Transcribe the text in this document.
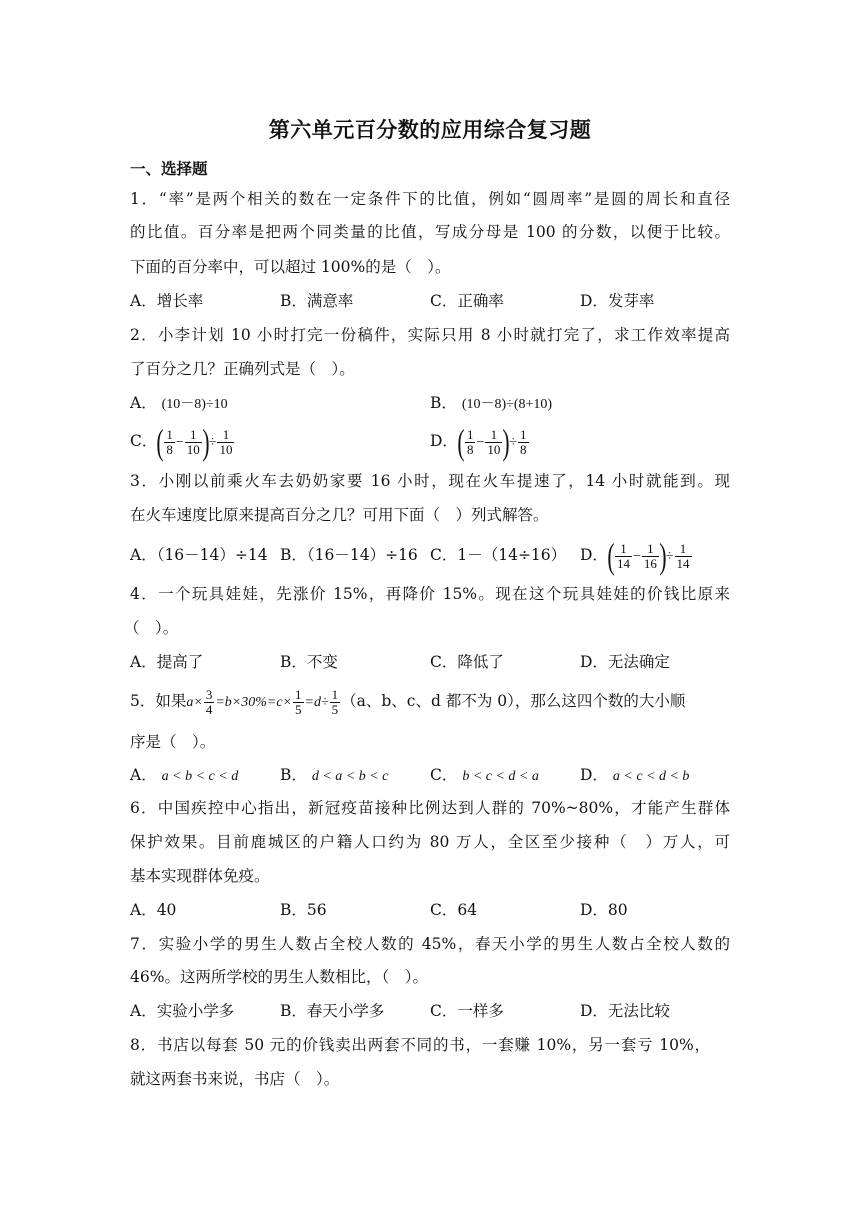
第六单元百分数的应用综合复习题
一、选择题
1．“率”是两个相关的数在一定条件下的比值，例如“圆周率”是圆的周长和直径
的比值。百分率是把两个同类量的比值，写成分母是 100 的分数，以便于比较。
下面的百分率中，可以超过 100%的是（　）。
A．增长率	B．满意率	C．正确率	D．发芽率
2．小李计划 10 小时打完一份稿件，实际只用 8 小时就打完了，求工作效率提高
了百分之几？正确列式是（　）。
A． (10－8)÷10	B． (10－8)÷(8+10)
C．( $\frac{1}{8} - \frac{1}{10}$ )÷ $\frac{1}{10}$	D．( $\frac{1}{8} - \frac{1}{10}$ )÷ $\frac{1}{8}$
3．小刚以前乘火车去奶奶家要 16 小时，现在火车提速了，14 小时就能到。现
在火车速度比原来提高百分之几？可用下面（　）列式解答。
A．（16－14）÷14 B．（16－14）÷16 C．1－（14÷16） D．( $\frac{1}{14} - \frac{1}{16}$ )÷ $\frac{1}{14}$
4．一个玩具娃娃，先涨价 15%，再降价 15%。现在这个玩具娃娃的价钱比原来
（　）。
A．提高了	B．不变	C．降低了	D．无法确定
5．如果$a\times \frac{3}{4} =b\times 30\%=c\times \frac{1}{5} =d\div \frac{1}{5} (a$、b、c、d 都不为 0），那么这四个数的大小顺
序是（　）。
A． a < b < c < d	B． d < a < b < c	C． b < c < d < a	D． a < c < d < b
6．中国疾控中心指出，新冠疫苗接种比例达到人群的 70%~80%，才能产生群体
保护效果。目前鹿城区的户籍人口约为 80 万人，全区至少接种（　）万人，可
基本实现群体免疫。
A．40	B．56	C．64	D．80
7．实验小学的男生人数占全校人数的 45%，春天小学的男生人数占全校人数的
46%。这两所学校的男生人数相比，（　）。
A．实验小学多	B．春天小学多	C．一样多	D．无法比较
8．书店以每套 50 元的价钱卖出两套不同的书，一套赚 10%，另一套亏 10%，
就这两套书来说，书店（　）。
